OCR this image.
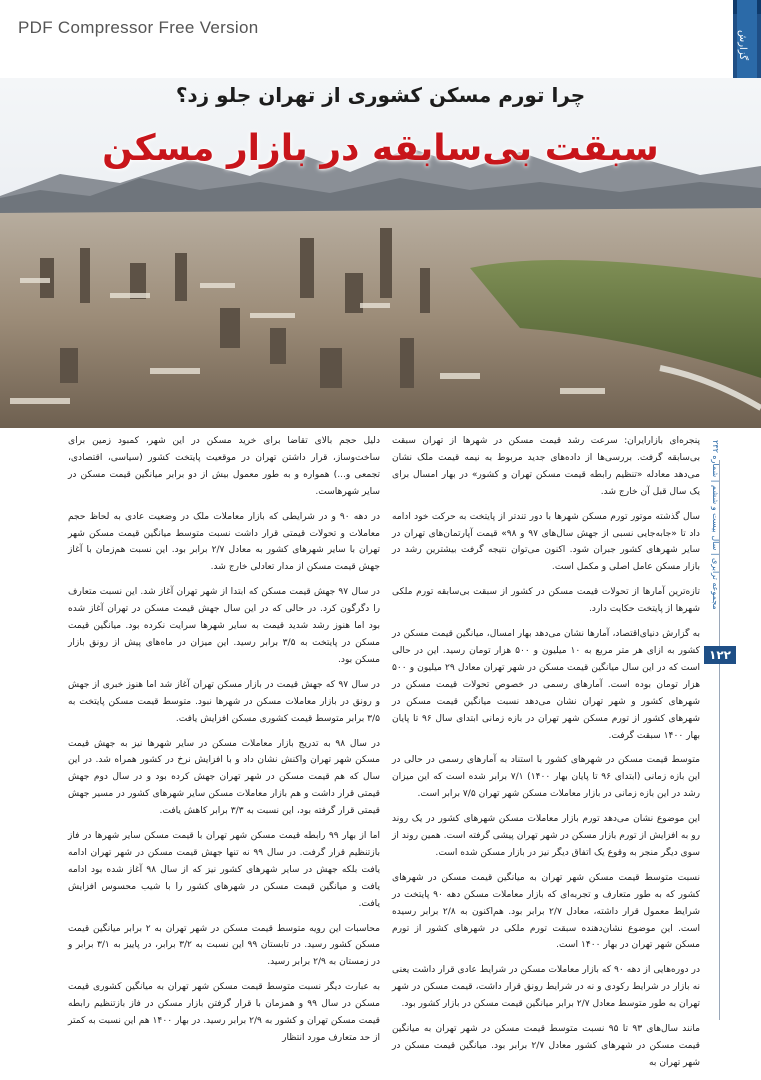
PDF Compressor Free Version
گزارش
چرا تورم مسکن کشوری از تهران جلو زد؟
سبقت بی‌سابقه در بازار مسکن
مجموعه ترابری | سال بیست و ششم | شماره ۲۳۲
۱۲۲

پنجره‌ای بازارایران: سرعت رشد قیمت مسکن در شهرها از تهران سبقت بی‌سابقه گرفت. بررسی‌ها از داده‌های جدید مربوط به نیمه قیمت ملک نشان می‌دهد معادله «تنظیم رابطه قیمت مسکن تهران و کشور» در بهار امسال برای یک سال قبل آن خارج شد.

سال گذشته موتور تورم مسکن شهرها با دور تندتر از پایتخت به حرکت خود ادامه داد تا «جابه‌جایی نسبی از جهش سال‌های ۹۷ و ۹۸» قیمت آپارتمان‌های تهران در سایر شهرهای کشور جبران شود. اکنون می‌توان نتیجه گرفت بیشترین رشد در بازار مسکن عامل اصلی و مکمل است.

تازه‌ترین آمارها از تحولات قیمت مسکن در کشور از سبقت بی‌سابقه تورم ملکی شهرها از پایتخت حکایت دارد.

به گزارش دنیای‌اقتصاد، آمارها نشان می‌دهد بهار امسال، میانگین قیمت مسکن در کشور به ازای هر متر مربع به ۱۰ میلیون و ۵۰۰ هزار تومان رسید. این در حالی است که در این سال میانگین قیمت مسکن در شهر تهران معادل ۲۹ میلیون و ۵۰۰ هزار تومان بوده است. آمارهای رسمی در خصوص تحولات قیمت مسکن در شهرهای کشور و شهر تهران نشان می‌دهد نسبت میانگین قیمت مسکن در شهرهای کشور از تورم مسکن شهر تهران در بازه زمانی ابتدای سال ۹۶ تا پایان بهار ۱۴۰۰ سبقت گرفت.

متوسط قیمت مسکن در شهرهای کشور با استناد به آمارهای رسمی در حالی در این بازه زمانی (ابتدای ۹۶ تا پایان بهار ۱۴۰۰) ۷/۱ برابر شده است که این میزان رشد در این بازه زمانی در بازار معاملات مسکن شهر تهران ۷/۵ برابر است.

این موضوع نشان می‌دهد تورم بازار معاملات مسکن شهرهای کشور در یک روند رو به افزایش از تورم بازار مسکن در شهر تهران پیشی گرفته است. همین روند از سوی دیگر منجر به وقوع یک اتفاق دیگر نیز در بازار مسکن شده است.

نسبت متوسط قیمت مسکن شهر تهران به میانگین قیمت مسکن در شهرهای کشور که به طور متعارف و تجربه‌ای که بازار معاملات مسکن دهه ۹۰ پایتخت در شرایط معمول قرار داشته، معادل ۲/۷ برابر بود. هم‌اکنون به ۲/۸ برابر رسیده است. این موضوع نشان‌دهنده سبقت تورم ملکی در شهرهای کشور از تورم مسکن شهر تهران در بهار ۱۴۰۰ است.

در دوره‌هایی از دهه ۹۰ که بازار معاملات مسکن در شرایط عادی قرار داشت یعنی نه بازار در شرایط رکودی و نه در شرایط رونق قرار داشت، قیمت مسکن در شهر تهران به طور متوسط معادل ۲/۷ برابر میانگین قیمت مسکن در بازار کشور بود.

مانند سال‌های ۹۳ تا ۹۵ نسبت متوسط قیمت مسکن در شهر تهران به میانگین قیمت مسکن در شهرهای کشور معادل ۲/۷ برابر بود. میانگین قیمت مسکن در شهر تهران به

دلیل حجم بالای تقاضا برای خرید مسکن در این شهر، کمبود زمین برای ساخت‌وساز، قرار داشتن تهران در موقعیت پایتخت کشور (سیاسی، اقتصادی، تجمعی و...) همواره و به طور معمول بیش از دو برابر میانگین قیمت مسکن در سایر شهرهاست.

در دهه ۹۰ و در شرایطی که بازار معاملات ملک در وضعیت عادی به لحاظ حجم معاملات و تحولات قیمتی قرار داشت نسبت متوسط میانگین قیمت مسکن شهر تهران با سایر شهرهای کشور به معادل ۲/۷ برابر بود. این نسبت هم‌زمان با آغاز جهش قیمت مسکن از مدار تعادلی خارج شد.

در سال ۹۷ جهش قیمت مسکن که ابتدا از شهر تهران آغاز شد. این نسبت متعارف را دگرگون کرد. در حالی که در این سال جهش قیمت مسکن در تهران آغاز شده بود اما هنوز رشد شدید قیمت به سایر شهرها سرایت نکرده بود. میانگین قیمت مسکن در پایتخت به ۳/۵ برابر رسید. این میزان در ماه‌های پیش از رونق بازار مسکن بود.

در سال ۹۷ که جهش قیمت در بازار مسکن تهران آغاز شد اما هنوز خبری از جهش و رونق در بازار معاملات مسکن در شهرها نبود. متوسط قیمت مسکن پایتخت به ۳/۵ برابر متوسط قیمت کشوری مسکن افزایش یافت.

در سال ۹۸ به تدریج بازار معاملات مسکن در سایر شهرها نیز به جهش قیمت مسکن شهر تهران واکنش نشان داد و با افزایش نرخ در کشور همراه شد. در این سال که هم قیمت مسکن در شهر تهران جهش کرده بود و در سال دوم جهش قیمتی قرار داشت و هم بازار معاملات مسکن سایر شهرهای کشور در مسیر جهش قیمتی قرار گرفته بود، این نسبت به ۳/۳ برابر کاهش یافت.

اما از بهار ۹۹ رابطه قیمت مسکن شهر تهران با قیمت مسکن سایر شهرها در فاز بازتنظیم قرار گرفت. در سال ۹۹ نه تنها جهش قیمت مسکن در شهر تهران ادامه یافت بلکه جهش در سایر شهرهای کشور نیز که از سال ۹۸ آغاز شده بود ادامه یافت و میانگین قیمت مسکن در شهرهای کشور را با شیب محسوس افزایش یافت.

محاسبات این رویه متوسط قیمت مسکن در شهر تهران به ۲ برابر میانگین قیمت مسکن کشور رسید. در تابستان ۹۹ این نسبت به ۳/۲ برابر، در پاییز به ۳/۱ برابر و در زمستان به ۲/۹ برابر رسید.

به عبارت دیگر نسبت متوسط قیمت مسکن شهر تهران به میانگین کشوری قیمت مسکن در سال ۹۹ و همزمان با قرار گرفتن بازار مسکن در فاز بازتنظیم رابطه قیمت مسکن تهران و کشور به ۲/۹ برابر رسید. در بهار ۱۴۰۰ هم این نسبت به کمتر از حد متعارف مورد انتظار
